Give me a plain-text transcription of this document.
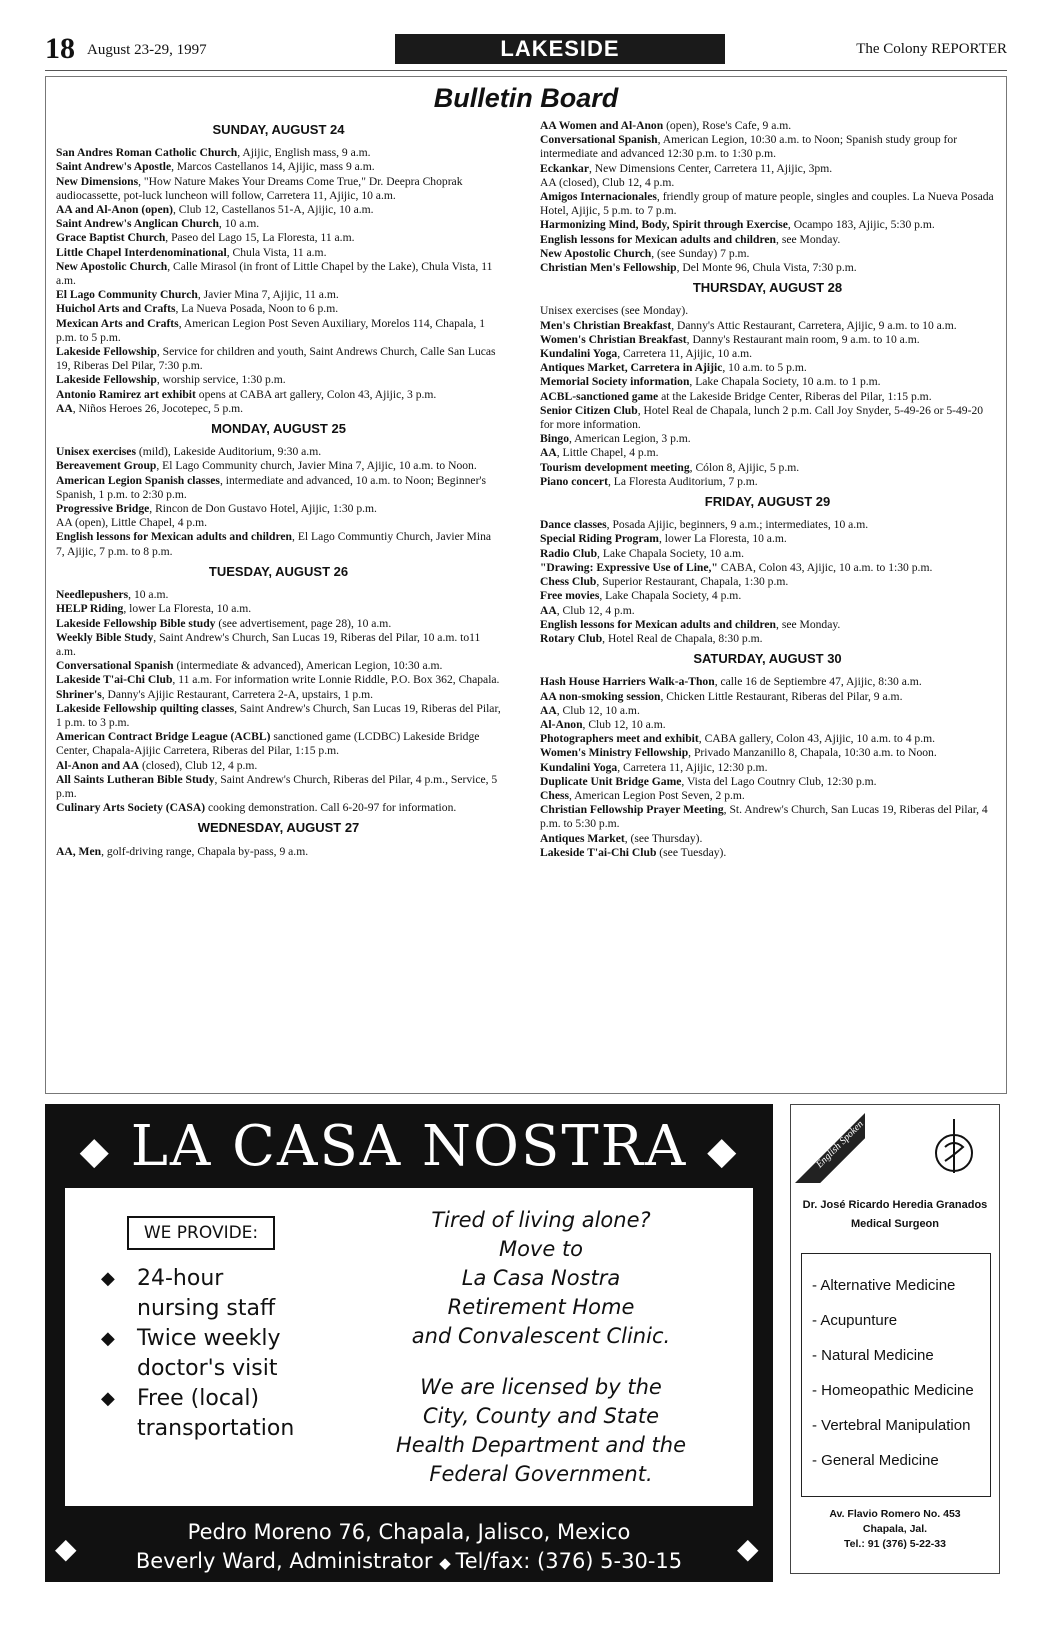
18 August 23-29, 1997	LAKESIDE	The Colony REPORTER
Bulletin Board
SUNDAY, AUGUST 24

San Andres Roman Catholic Church, Ajijic, English mass, 9 a.m.

Saint Andrew's Apostle, Marcos Castellanos 14, Ajijic, mass 9 a.m.

New Dimensions, "How Nature Makes Your Dreams Come True," Dr. Deepra Choprak audiocassette, pot-luck luncheon will follow, Carretera 11, Ajijic, 10 a.m.

AA and Al-Anon (open), Club 12, Castellanos 51-A, Ajijic, 10 a.m.

Saint Andrew's Anglican Church, 10 a.m.

Grace Baptist Church, Paseo del Lago 15, La Floresta, 11 a.m.

Little Chapel Interdenominational, Chula Vista, 11 a.m.

New Apostolic Church, Calle Mirasol (in front of Little Chapel by the Lake), Chula Vista, 11 a.m.

El Lago Community Church, Javier Mina 7, Ajijic, 11 a.m.

Huichol Arts and Crafts, La Nueva Posada, Noon to 6 p.m.

Mexican Arts and Crafts, American Legion Post Seven Auxiliary, Morelos 114, Chapala, 1 p.m. to 5 p.m.

Lakeside Fellowship, Service for children and youth, Saint Andrews Church, Calle San Lucas 19, Riberas Del Pilar, 7:30 p.m.

Lakeside Fellowship, worship service, 1:30 p.m.

Antonio Ramirez art exhibit opens at CABA art gallery, Colon 43, Ajijic, 3 p.m.

AA, Niños Heroes 26, Jocotepec, 5 p.m.

MONDAY, AUGUST 25

Unisex exercises (mild), Lakeside Auditorium, 9:30 a.m.

Bereavement Group, El Lago Community church, Javier Mina 7, Ajijic, 10 a.m. to Noon.

American Legion Spanish classes, intermediate and advanced, 10 a.m. to Noon; Beginner's Spanish, 1 p.m. to 2:30 p.m.

Progressive Bridge, Rincon de Don Gustavo Hotel, Ajijic, 1:30 p.m.

AA (open), Little Chapel, 4 p.m.

English lessons for Mexican adults and children, El Lago Communtiy Church, Javier Mina 7, Ajijic, 7 p.m. to 8 p.m.

TUESDAY, AUGUST 26

Needlepushers, 10 a.m.

HELP Riding, lower La Floresta, 10 a.m.

Lakeside Fellowship Bible study (see advertisement, page 28), 10 a.m.

Weekly Bible Study, Saint Andrew's Church, San Lucas 19, Riberas del Pilar, 10 a.m. to11 a.m.

Conversational Spanish (intermediate & advanced), American Legion, 10:30 a.m.

Lakeside T'ai-Chi Club, 11 a.m. For information write Lonnie Riddle, P.O. Box 362, Chapala.

Shriner's, Danny's Ajijic Restaurant, Carretera 2-A, upstairs, 1 p.m.

Lakeside Fellowship quilting classes, Saint Andrew's Church, San Lucas 19, Riberas del Pilar, 1 p.m. to 3 p.m.

American Contract Bridge League (ACBL) sanctioned game (LCDBC) Lakeside Bridge Center, Chapala-Ajijic Carretera, Riberas del Pilar, 1:15 p.m.

Al-Anon and AA (closed), Club 12, 4 p.m.

All Saints Lutheran Bible Study, Saint Andrew's Church, Riberas del Pilar, 4 p.m., Service, 5 p.m.

Culinary Arts Society (CASA) cooking demonstration. Call 6-20-97 for information.

WEDNESDAY, AUGUST 27

AA, Men, golf-driving range, Chapala by-pass, 9 a.m.

AA Women and Al-Anon (open), Rose's Cafe, 9 a.m.

Conversational Spanish, American Legion, 10:30 a.m. to Noon; Spanish study group for intermediate and advanced 12:30 p.m. to 1:30 p.m.

Eckankar, New Dimensions Center, Carretera 11, Ajijic, 3pm.

AA (closed), Club 12, 4 p.m.

Amigos Internacionales, friendly group of mature people, singles and couples. La Nueva Posada Hotel, Ajijic, 5 p.m. to 7 p.m.

Harmonizing Mind, Body, Spirit through Exercise, Ocampo 183, Ajijic, 5:30 p.m.

English lessons for Mexican adults and children, see Monday.

New Apostolic Church, (see Sunday) 7 p.m.

Christian Men's Fellowship, Del Monte 96, Chula Vista, 7:30 p.m.

THURSDAY, AUGUST 28

Unisex exercises (see Monday).

Men's Christian Breakfast, Danny's Attic Restaurant, Carretera, Ajijic, 9 a.m. to 10 a.m.

Women's Christian Breakfast, Danny's Restaurant main room, 9 a.m. to 10 a.m.

Kundalini Yoga, Carretera 11, Ajijic, 10 a.m.

Antiques Market, Carretera in Ajijic, 10 a.m. to 5 p.m.

Memorial Society information, Lake Chapala Society, 10 a.m. to 1 p.m.

ACBL-sanctioned game at the Lakeside Bridge Center, Riberas del Pilar, 1:15 p.m.

Senior Citizen Club, Hotel Real de Chapala, lunch 2 p.m. Call Joy Snyder, 5-49-26 or 5-49-20 for more information.

Bingo, American Legion, 3 p.m.

AA, Little Chapel, 4 p.m.

Tourism development meeting, Cólon 8, Ajijic, 5 p.m.

Piano concert, La Floresta Auditorium, 7 p.m.

FRIDAY, AUGUST 29

Dance classes, Posada Ajijic, beginners, 9 a.m.; intermediates, 10 a.m.

Special Riding Program, lower La Floresta, 10 a.m.

Radio Club, Lake Chapala Society, 10 a.m.

"Drawing: Expressive Use of Line," CABA, Colon 43, Ajijic, 10 a.m. to 1:30 p.m.

Chess Club, Superior Restaurant, Chapala, 1:30 p.m.

Free movies, Lake Chapala Society, 4 p.m.

AA, Club 12, 4 p.m.

English lessons for Mexican adults and children, see Monday.

Rotary Club, Hotel Real de Chapala, 8:30 p.m.

SATURDAY, AUGUST 30

Hash House Harriers Walk-a-Thon, calle 16 de Septiembre 47, Ajijic, 8:30 a.m.

AA non-smoking session, Chicken Little Restaurant, Riberas del Pilar, 9 a.m.

AA, Club 12, 10 a.m.

Al-Anon, Club 12, 10 a.m.

Photographers meet and exhibit, CABA gallery, Colon 43, Ajijic, 10 a.m. to 4 p.m.

Women's Ministry Fellowship, Privado Manzanillo 8, Chapala, 10:30 a.m. to Noon.

Kundalini Yoga, Carretera 11, Ajijic, 12:30 p.m.

Duplicate Unit Bridge Game, Vista del Lago Coutnry Club, 12:30 p.m.

Chess, American Legion Post Seven, 2 p.m.

Christian Fellowship Prayer Meeting, St. Andrew's Church, San Lucas 19, Riberas del Pilar, 4 p.m. to 5:30 p.m.

Antiques Market, (see Thursday).

Lakeside T'ai-Chi Club (see Tuesday).

◆ LA CASA NOSTRA ◆
WE PROVIDE:
◆ 24-hour nursing staff
◆ Twice weekly doctor's visit
◆ Free (local) transportation
Tired of living alone?
Move to
La Casa Nostra
Retirement Home
and Convalescent Clinic.
We are licensed by the
City, County and State
Health Department and the
Federal Government.
◆	◆
Pedro Moreno 76, Chapala, Jalisco, Mexico
Beverly Ward, Administrator ◆ Tel/fax: (376) 5-30-15
English Spoken
Dr. José Ricardo Heredia Granados
Medical Surgeon
- Alternative Medicine
- Acupunture
- Natural Medicine
- Homeopathic Medicine
- Vertebral Manipulation
- General Medicine
Av. Flavio Romero No. 453
Chapala, Jal.
Tel.: 91 (376) 5-22-33
